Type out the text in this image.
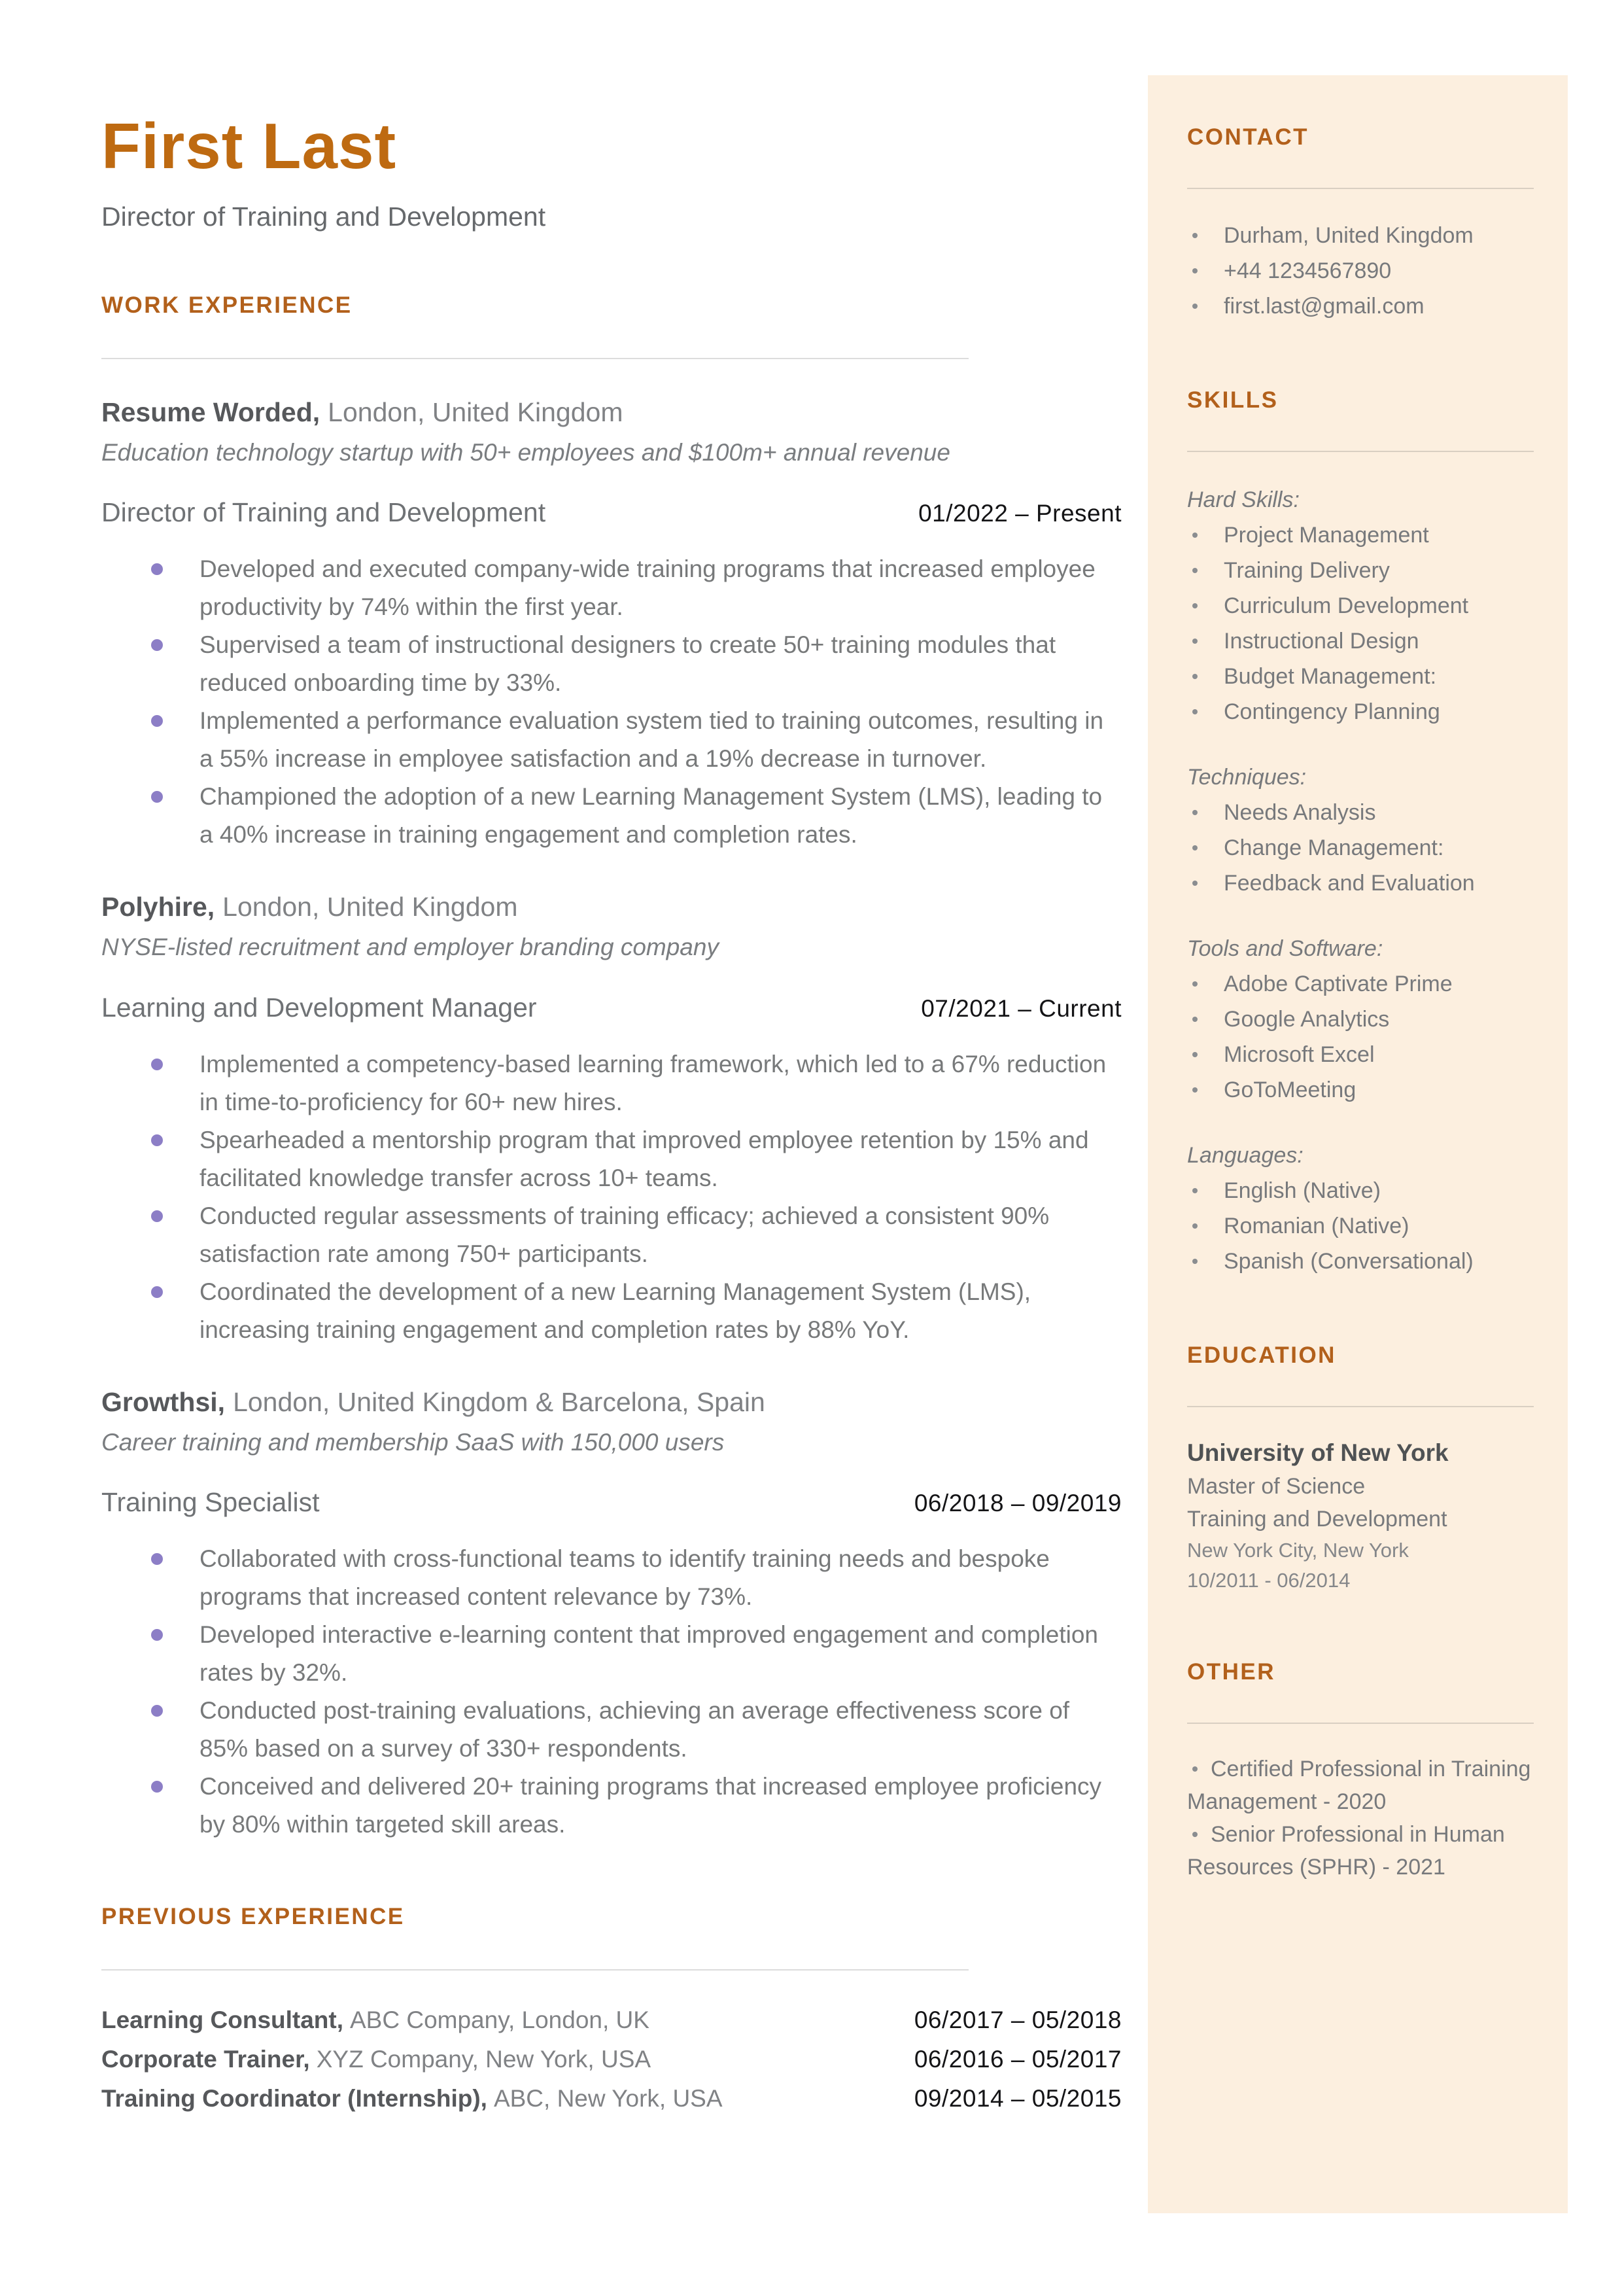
First Last

Director of Training and Development

WORK EXPERIENCE

Resume Worded, London, United Kingdom

Education technology startup with 50+ employees and $100m+ annual revenue

Director of Training and Development	01/2022 – Present
Developed and executed company-wide training programs that increased employee productivity by 74% within the first year.
Supervised a team of instructional designers to create 50+ training modules that reduced onboarding time by 33%.
Implemented a performance evaluation system tied to training outcomes, resulting in a 55% increase in employee satisfaction and a 19% decrease in turnover.
Championed the adoption of a new Learning Management System (LMS), leading to a 40% increase in training engagement and completion rates.

Polyhire, London, United Kingdom

NYSE-listed recruitment and employer branding company

Learning and Development Manager	07/2021 – Current
Implemented a competency-based learning framework, which led to a 67% reduction in time-to-proficiency for 60+ new hires.
Spearheaded a mentorship program that improved employee retention by 15% and facilitated knowledge transfer across 10+ teams.
Conducted regular assessments of training efficacy; achieved a consistent 90% satisfaction rate among 750+ participants.
Coordinated the development of a new Learning Management System (LMS), increasing training engagement and completion rates by 88% YoY.

Growthsi, London, United Kingdom & Barcelona, Spain

Career training and membership SaaS with 150,000 users

Training Specialist	06/2018 – 09/2019
Collaborated with cross-functional teams to identify training needs and bespoke programs that increased content relevance by 73%.
Developed interactive e-learning content that improved engagement and completion rates by 32%.
Conducted post-training evaluations, achieving an average effectiveness score of 85% based on a survey of 330+ respondents.
Conceived and delivered 20+ training programs that increased employee proficiency by 80% within targeted skill areas.
PREVIOUS EXPERIENCE
Learning Consultant, ABC Company, London, UK	06/2017 – 05/2018
Corporate Trainer, XYZ Company, New York, USA	06/2016 – 05/2017
Training Coordinator (Internship), ABC, New York, USA	09/2014 – 05/2015
CONTACT
Durham, United Kingdom
+44 1234567890
first.last@gmail.com
SKILLS

Hard Skills:

Project Management
Training Delivery
Curriculum Development
Instructional Design
Budget Management:
Contingency Planning

Techniques:

Needs Analysis
Change Management:
Feedback and Evaluation

Tools and Software:

Adobe Captivate Prime
Google Analytics
Microsoft Excel
GoToMeeting

Languages:

English (Native)
Romanian (Native)
Spanish (Conversational)
EDUCATION

University of New York

Master of Science

Training and Development

New York City, New York

10/2011 - 06/2014

OTHER

Certified Professional in Training Management - 2020

Senior Professional in Human Resources (SPHR) - 2021
